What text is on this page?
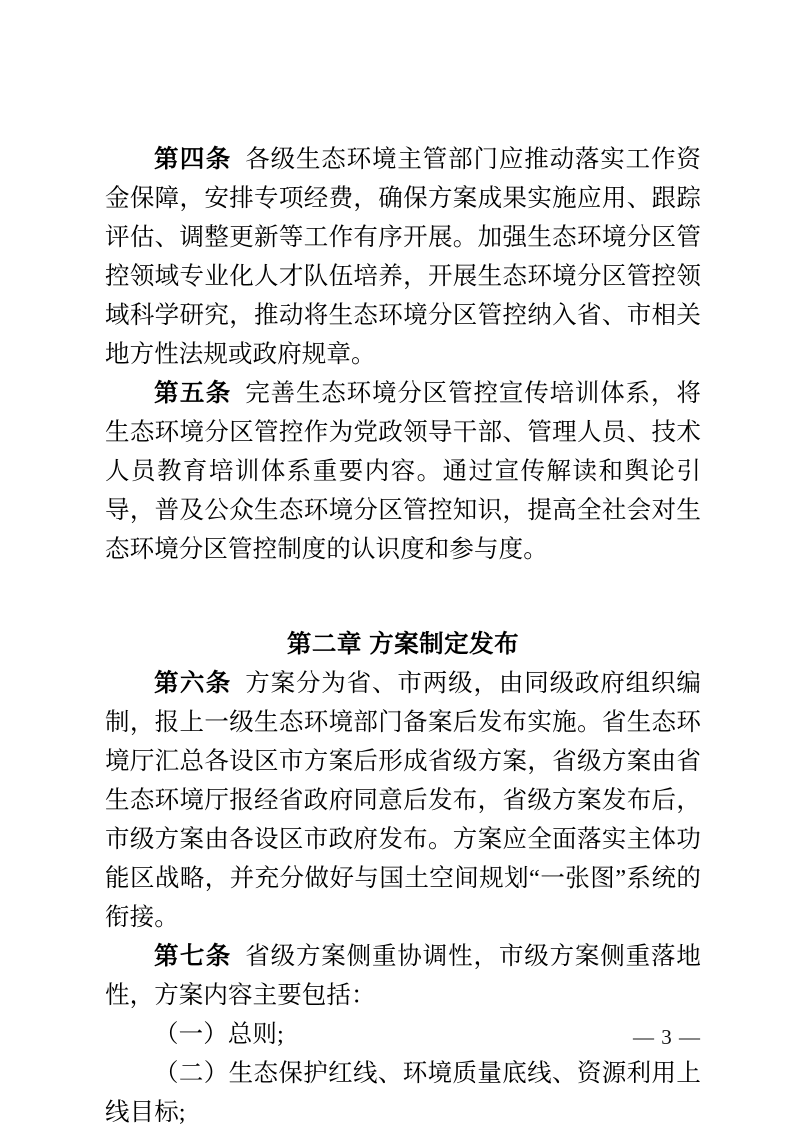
第四条 各级生态环境主管部门应推动落实工作资金保障，安排专项经费，确保方案成果实施应用、跟踪评估、调整更新等工作有序开展。加强生态环境分区管控领域专业化人才队伍培养，开展生态环境分区管控领域科学研究，推动将生态环境分区管控纳入省、市相关地方性法规或政府规章。

第五条 完善生态环境分区管控宣传培训体系，将生态环境分区管控作为党政领导干部、管理人员、技术人员教育培训体系重要内容。通过宣传解读和舆论引导，普及公众生态环境分区管控知识，提高全社会对生态环境分区管控制度的认识度和参与度。

第二章 方案制定发布

第六条 方案分为省、市两级，由同级政府组织编制，报上一级生态环境部门备案后发布实施。省生态环境厅汇总各设区市方案后形成省级方案，省级方案由省生态环境厅报经省政府同意后发布，省级方案发布后，市级方案由各设区市政府发布。方案应全面落实主体功能区战略，并充分做好与国土空间规划“一张图”系统的衔接。

第七条 省级方案侧重协调性，市级方案侧重落地性，方案内容主要包括：

（一）总则;

（二）生态保护红线、环境质量底线、资源利用上线目标;

— 3 —
